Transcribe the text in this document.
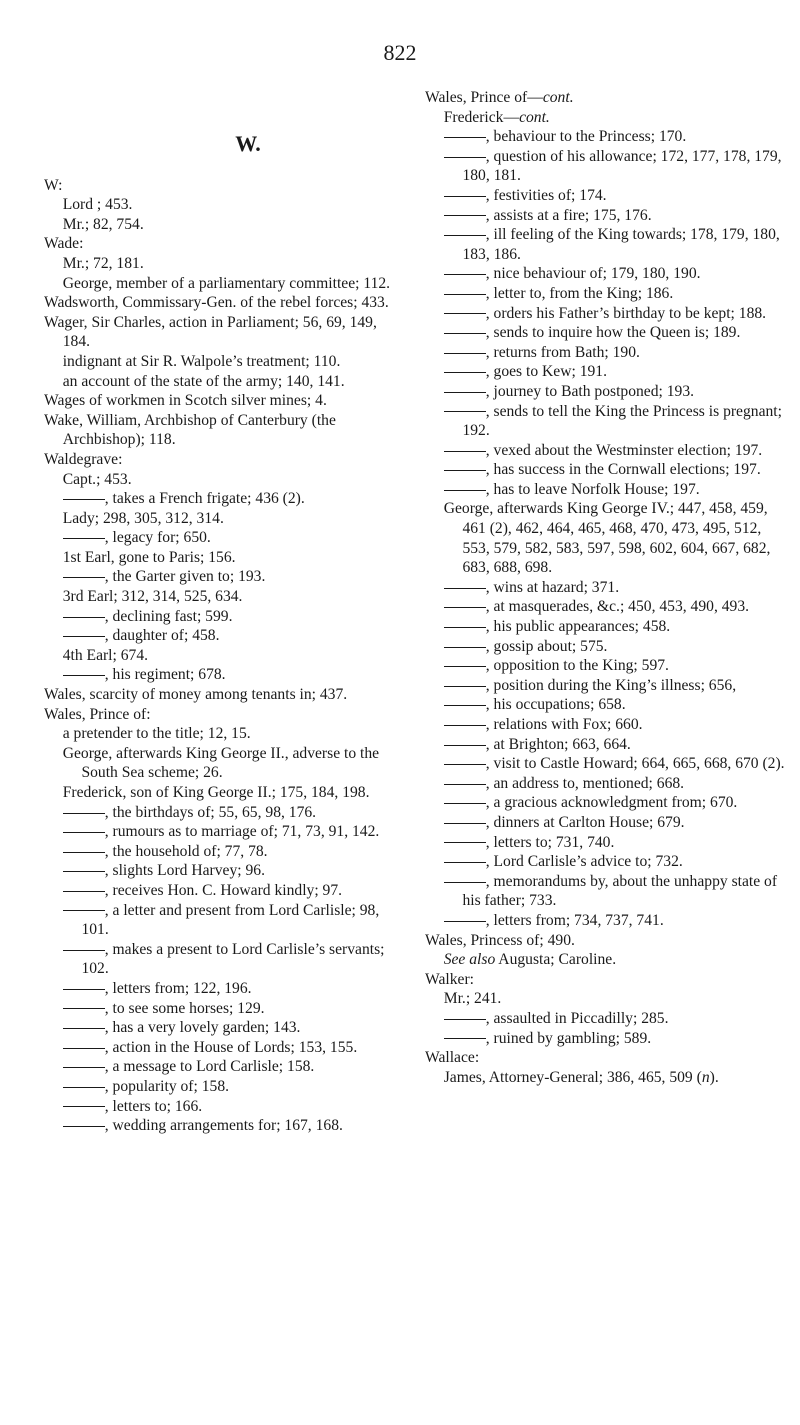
822
W.

W:

Lord ; 453.

Mr.; 82, 754.

Wade:

Mr.; 72, 181.

George, member of a parliamentary committee; 112.

Wadsworth, Commissary-Gen. of the rebel forces; 433.

Wager, Sir Charles, action in Parliament; 56, 69, 149, 184.

indignant at Sir R. Walpole’s treatment; 110.

an account of the state of the army; 140, 141.

Wages of workmen in Scotch silver mines; 4.

Wake, William, Archbishop of Canterbury (the Archbishop); 118.

Waldegrave:

Capt.; 453.

, takes a French frigate; 436 (2).

Lady; 298, 305, 312, 314.

, legacy for; 650.

1st Earl, gone to Paris; 156.

, the Garter given to; 193.

3rd Earl; 312, 314, 525, 634.

, declining fast; 599.

, daughter of; 458.

4th Earl; 674.

, his regiment; 678.

Wales, scarcity of money among tenants in; 437.

Wales, Prince of:

a pretender to the title; 12, 15.

George, afterwards King George II., adverse to the South Sea scheme; 26.

Frederick, son of King George II.; 175, 184, 198.

, the birthdays of; 55, 65, 98, 176.

, rumours as to marriage of; 71, 73, 91, 142.

, the household of; 77, 78.

, slights Lord Harvey; 96.

, receives Hon. C. Howard kindly; 97.

, a letter and present from Lord Carlisle; 98, 101.

, makes a present to Lord Carlisle’s servants; 102.

, letters from; 122, 196.

, to see some horses; 129.

, has a very lovely garden; 143.

, action in the House of Lords; 153, 155.

, a message to Lord Carlisle; 158.

, popularity of; 158.

, letters to; 166.

, wedding arrangements for; 167, 168.

Wales, Prince of—cont.

Frederick—cont.

, behaviour to the Princess; 170.

, question of his allowance; 172, 177, 178, 179, 180, 181.

, festivities of; 174.

, assists at a fire; 175, 176.

, ill feeling of the King towards; 178, 179, 180, 183, 186.

, nice behaviour of; 179, 180, 190.

, letter to, from the King; 186.

, orders his Father’s birthday to be kept; 188.

, sends to inquire how the Queen is; 189.

, returns from Bath; 190.

, goes to Kew; 191.

, journey to Bath postponed; 193.

, sends to tell the King the Princess is pregnant; 192.

, vexed about the Westminster election; 197.

, has success in the Cornwall elections; 197.

, has to leave Norfolk House; 197.

George, afterwards King George IV.; 447, 458, 459, 461 (2), 462, 464, 465, 468, 470, 473, 495, 512, 553, 579, 582, 583, 597, 598, 602, 604, 667, 682, 683, 688, 698.

, wins at hazard; 371.

, at masquerades, &c.; 450, 453, 490, 493.

, his public appearances; 458.

, gossip about; 575.

, opposition to the King; 597.

, position during the King’s illness; 656,

, his occupations; 658.

, relations with Fox; 660.

, at Brighton; 663, 664.

, visit to Castle Howard; 664, 665, 668, 670 (2).

, an address to, mentioned; 668.

, a gracious acknowledgment from; 670.

, dinners at Carlton House; 679.

, letters to; 731, 740.

, Lord Carlisle’s advice to; 732.

, memorandums by, about the unhappy state of his father; 733.

, letters from; 734, 737, 741.

Wales, Princess of; 490.

See also Augusta; Caroline.

Walker:

Mr.; 241.

, assaulted in Piccadilly; 285.

, ruined by gambling; 589.

Wallace:

James, Attorney-General; 386, 465, 509 (n).
